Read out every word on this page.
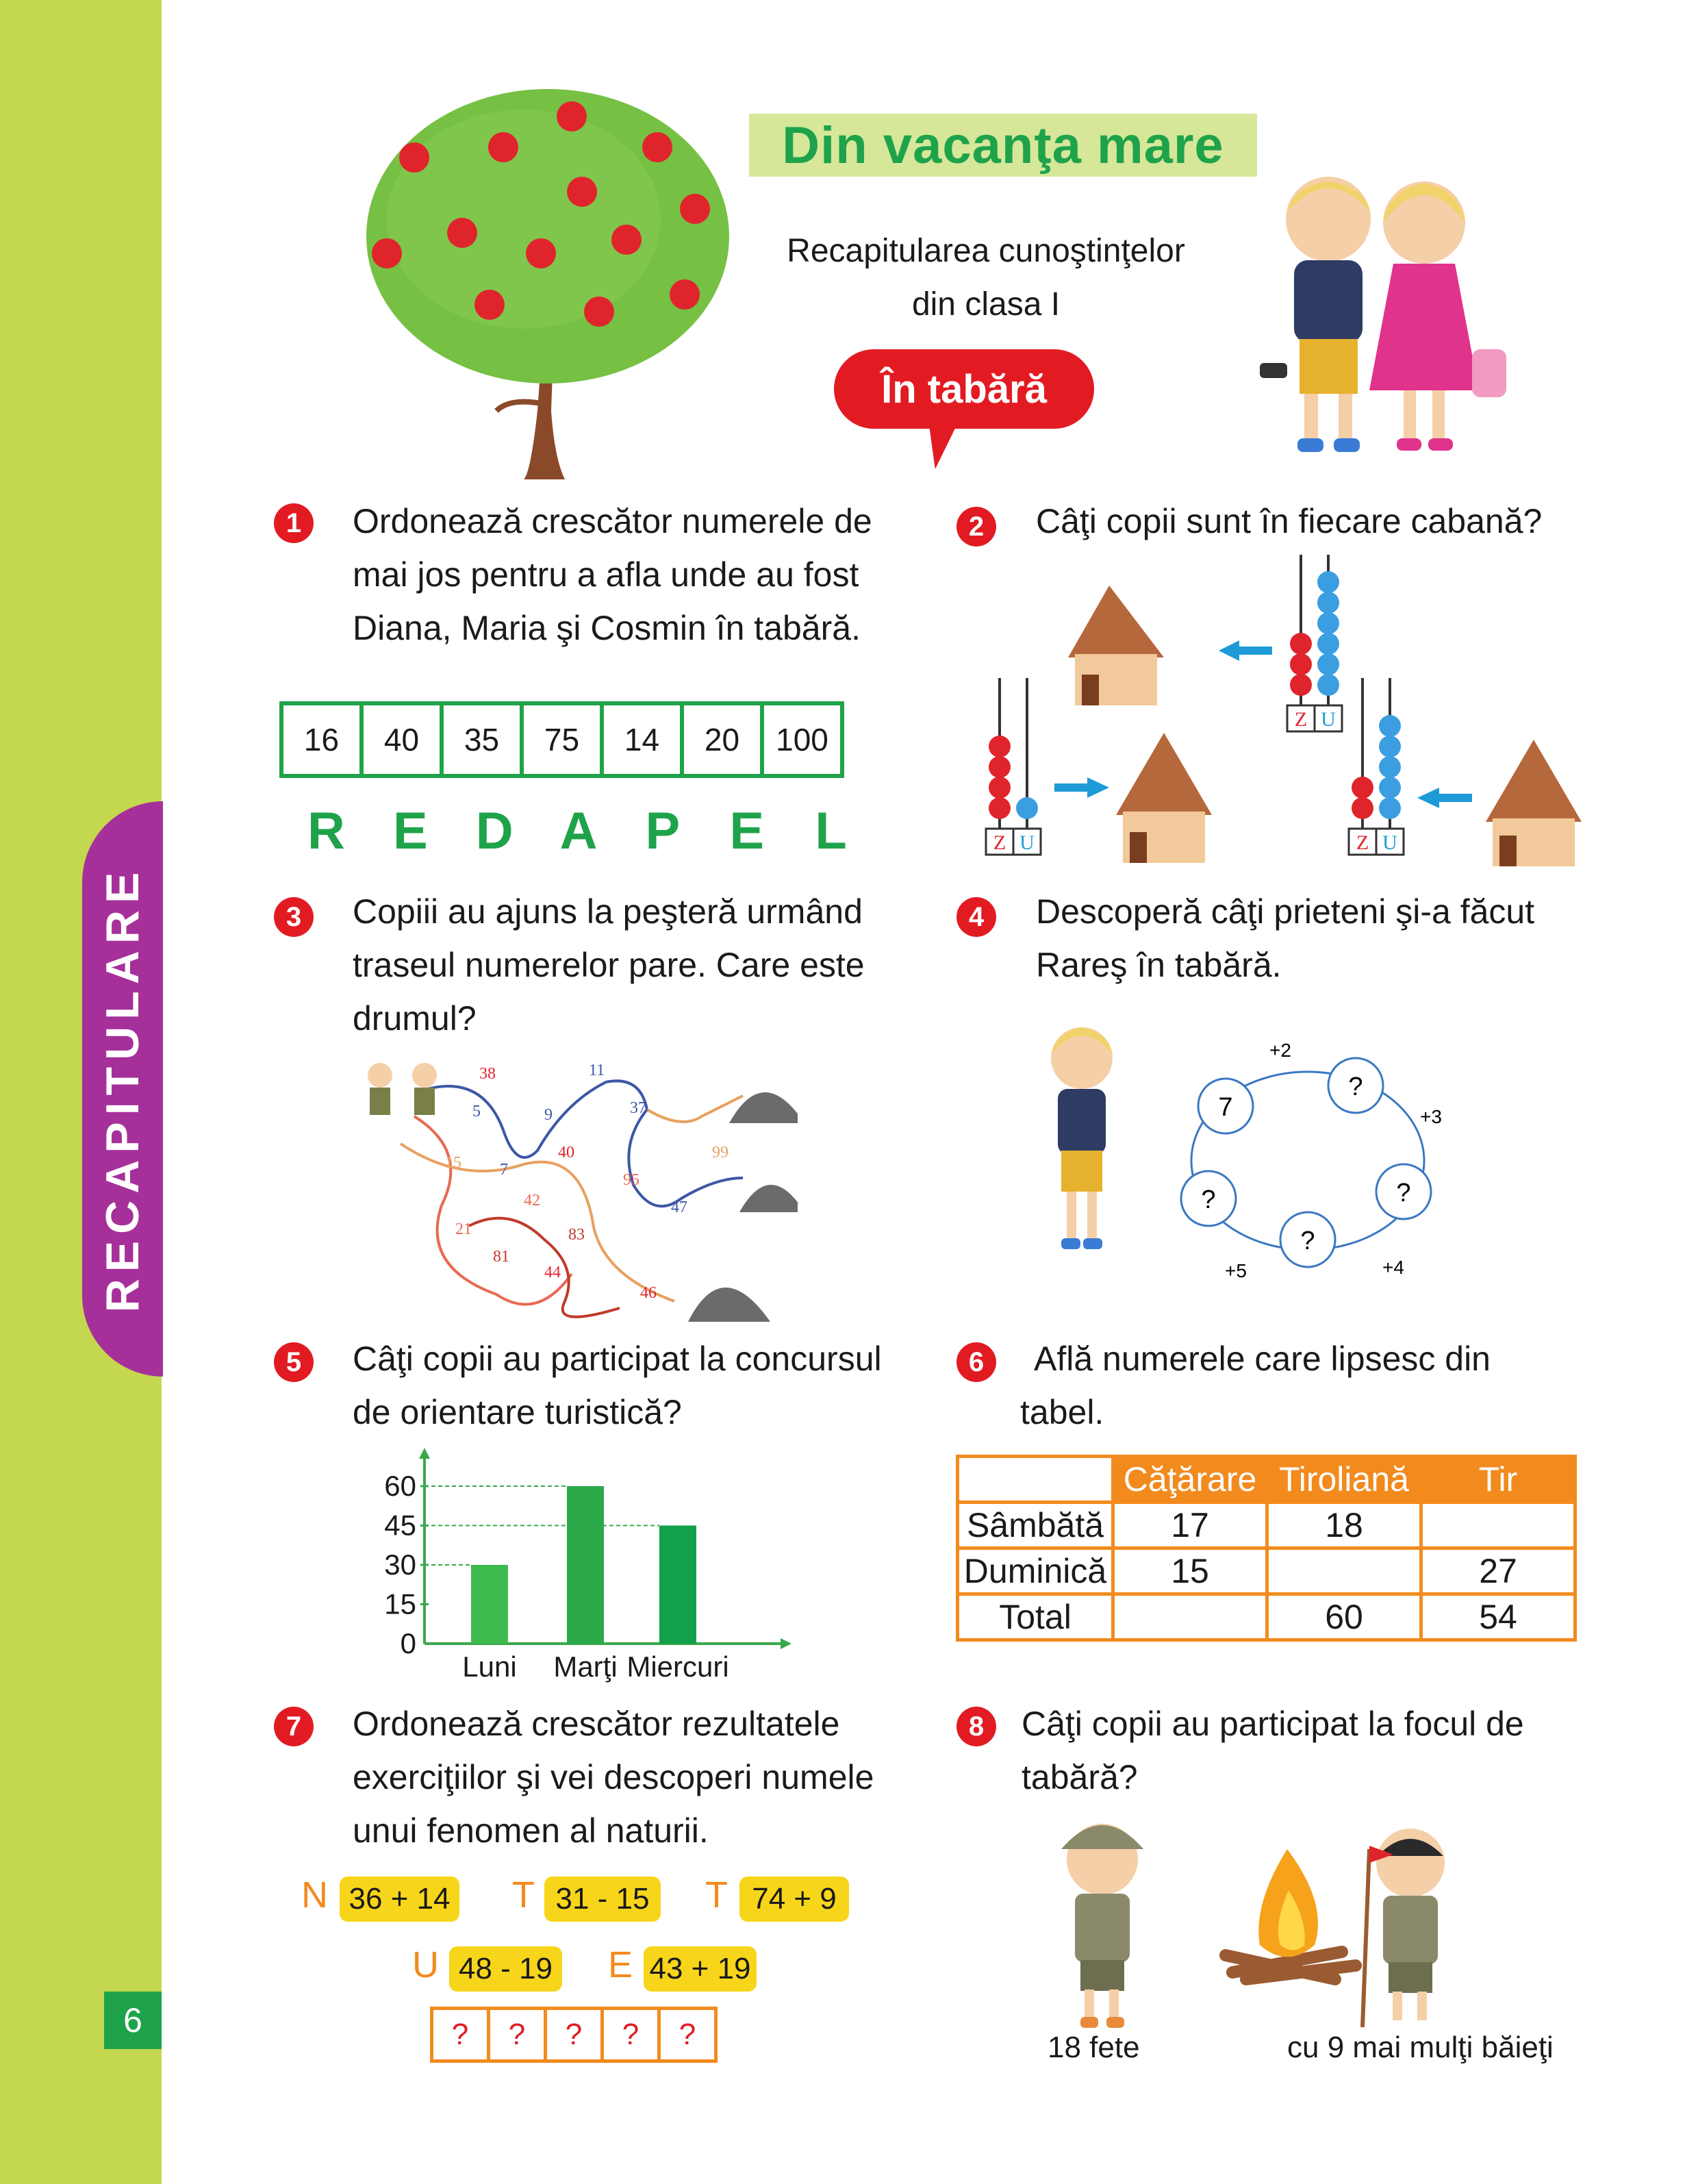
RECAPITULARE
6
Din vacanţa mare
Recapitularea cunoştinţelor
din clasa I
În tabără
1	Ordonează crescător numerele de
mai jos pentru a afla unde au fost
Diana, Maria şi Cosmin în tabără.
16	40	35	75	14	20	100
R E D A P E L
2	Câţi copii sunt în fiecare cabană?
Z U
Z U	Z U
3	Copiii au ajuns la peşteră urmând
traseul numerelor pare. Care este
drumul?
38	11
5	9	37
7
40
15
95
99
42	47
21	83
81
44
46
4	Descoperă câţi prieteni şi-a făcut
Rareş în tabără.
7
?
?
?
?
+2
+3
+4
+5
5	Câţi copii au participat la concursul
de orientare turistică?
0
15
30
45
60
Luni Marţi Miercuri
6	Află numerele care lipsesc din
tabel.
	Căţărare	Tiroliană	Tir
Sâmbătă	17	18	
Duminică	15		27
Total		60	54
7	Ordonează crescător rezultatele
exerciţiilor şi vei descoperi numele
unui fenomen al naturii.
N 36 + 14 T 31 - 15	T 74 + 9
U 48 - 19 E 43 + 19
?	?	?	?	?
8	Câţi copii au participat la focul de
tabără?
18 fete	cu 9 mai mulţi băieţi
